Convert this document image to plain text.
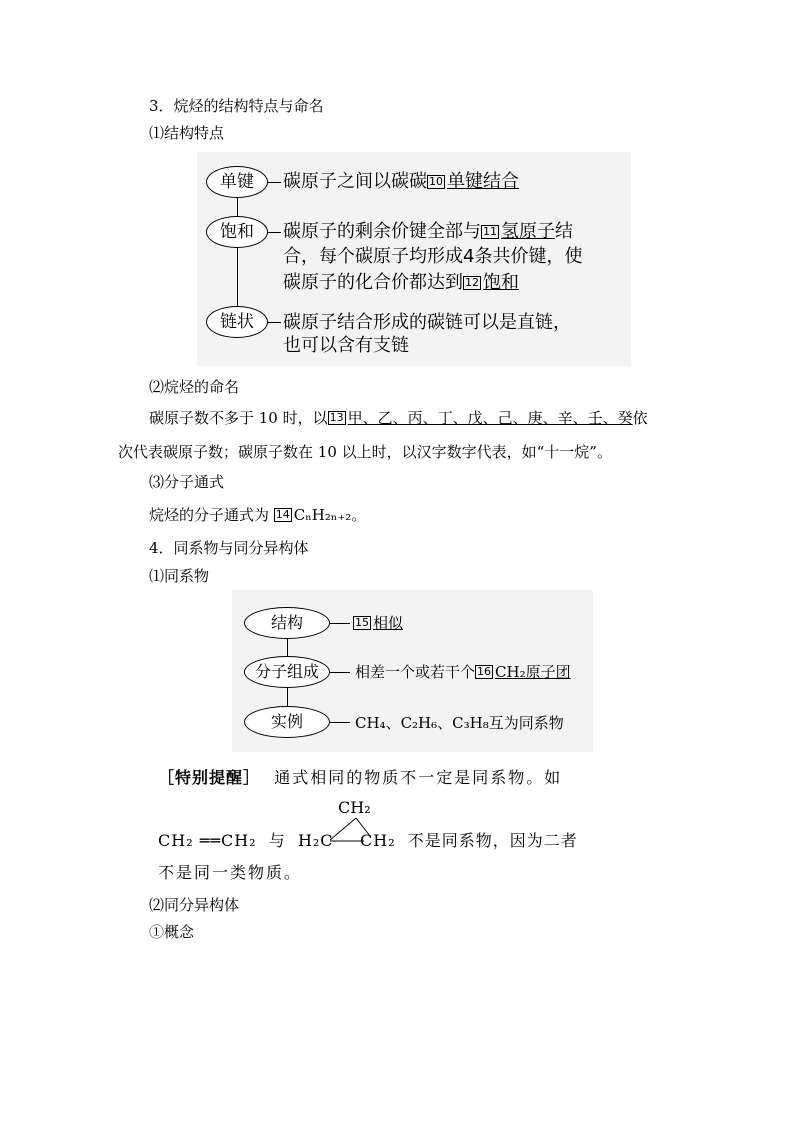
3．烷烃的结构特点与命名
⑴结构特点
单键	碳原子之间以碳碳 10 单键结合
饱和	碳原子的剩余价键全部与 11 氢原子结
合，每个碳原子均形成4条共价键，使
碳原子的化合价都达到 12 饱和
链状	碳原子结合形成的碳链可以是直链，
也可以含有支链
⑵烷烃的命名
碳原子数不多于 10 时，以 13 甲、乙、丙、丁、戊、己、庚、辛、壬、癸依
次代表碳原子数；碳原子数在 10 以上时，以汉字数字代表，如“十一烷”。
⑶分子通式
烷烃的分子通式为 14 CₙH₂ₙ₊₂。
4．同系物与同分异构体
⑴同系物
结构	15 相似
分子组成	相差一个或若干个 16 CH₂原子团
实例	CH₄、C₂H₆、C₃H₈互为同系物
［特别提醒］ 通式相同的物质不一定是同系物。如
CH₂
CH₂ ══CH₂ 与 H₂C CH₂ 不是同系物，因为二者
不是同一类物质。
⑵同分异构体
①概念
